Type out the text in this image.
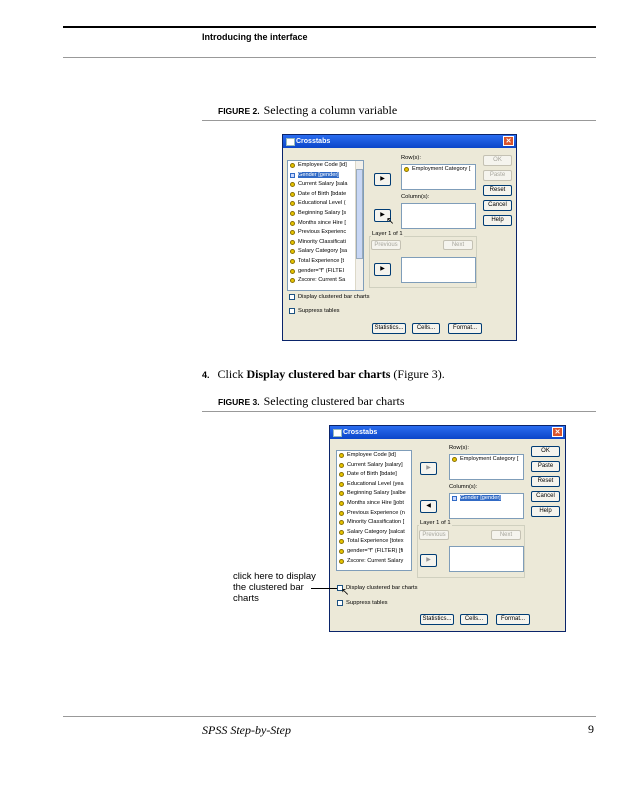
Introducing the interface
FIGURE 2. Selecting a column variable
Crosstabs	✕
Employee Code [id]
Gender [gender]
Current Salary [sala
Date of Birth [bdate
Educational Level (
Beginning Salary [s
Months since Hire [
Previous Experienc
Minority Classificati
Salary Category [sa
Total Experience [t
gender="f" (FILTEI
Zscore: Current Sa
▶
▶
↖
▶
Row(s):
Employment Category [
Column(s):
Layer 1 of 1
Previous	Next
OK
Paste
Reset
Cancel
Help
Display clustered bar charts
Suppress tables
Statistics...	Cells...	Format...
4. Click Display clustered bar charts (Figure 3).
FIGURE 3. Selecting clustered bar charts
Crosstabs	✕
Employee Code [id]
Current Salary [salary]
Date of Birth [bdate]
Educational Level (yea
Beginning Salary [salbe
Months since Hire [jobt
Previous Experience (n
Minority Classification [
Salary Category [salcat
Total Experience [totex
gender="f" (FILTER) [fi
Zscore: Current Salary
▶
◀
▶
Row(s):
Employment Category [
Column(s):
Gender [gender]
Layer 1 of 1
Previous	Next
OK
Paste
Reset
Cancel
Help
Display clustered bar charts
↖
Suppress tables
Statistics...	Cells...	Format...
click here to display
the clustered bar
charts
SPSS Step-by-Step	9
